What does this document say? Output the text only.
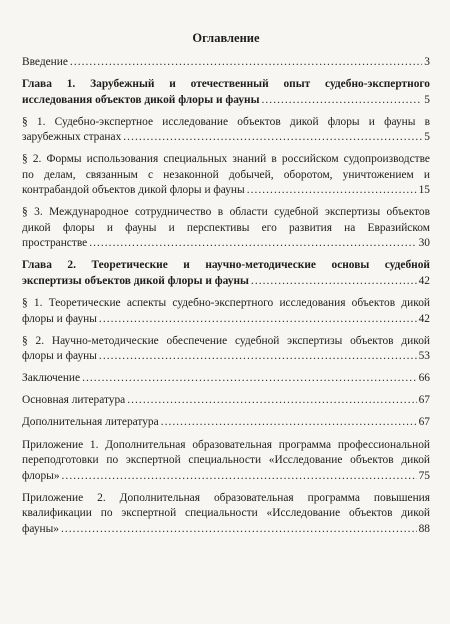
Оглавление
Введение . . .	3
Глава 1. Зарубежный и отечественный опыт судебно-экспертного
исследования объектов дикой флоры и фауны . . .	5
§ 1. Судебно-экспертное исследование объектов дикой флоры и фауны в
зарубежных странах . . .	5
§ 2. Формы использования специальных знаний в российском судопроизводстве
по делам, связанным с незаконной добычей, оборотом, уничтожением и
контрабандой объектов дикой флоры и фауны . . .	15
§ 3. Международное сотрудничество в области судебной экспертизы объектов
дикой флоры и фауны и перспективы его развития на Евразийском
пространстве . . .	30
Глава 2. Теоретические и научно-методические основы судебной
экспертизы объектов дикой флоры и фауны . . .	42
§ 1. Теоретические аспекты судебно-экспертного исследования объектов дикой
флоры и фауны . . .	42
§ 2. Научно-методические обеспечение судебной экспертизы объектов дикой
флоры и фауны . . .	53
Заключение . . .	66
Основная литература . . .	67
Дополнительная литература . . .	67
Приложение 1. Дополнительная образовательная программа профессиональной
переподготовки по экспертной специальности «Исследование объектов дикой
флоры» . . .	75
Приложение 2. Дополнительная образовательная программа повышения
квалификации по экспертной специальности «Исследование объектов дикой
фауны» . . .	88
